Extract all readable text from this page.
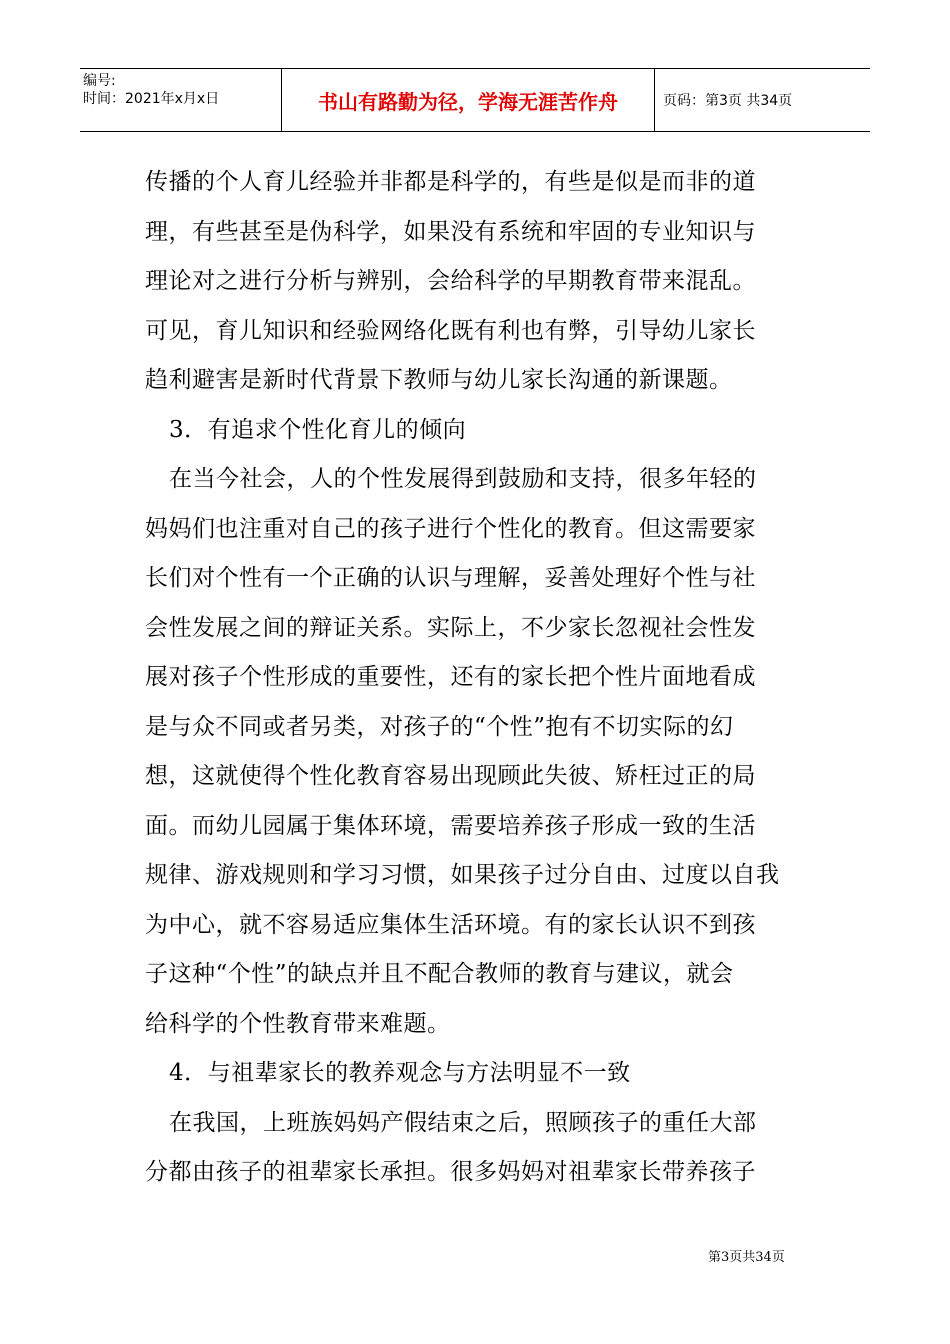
编号:
时间：2021年x月x日	书山有路勤为径，学海无涯苦作舟	页码：第3页 共34页
传播的个人育儿经验并非都是科学的，有些是似是而非的道
理，有些甚至是伪科学，如果没有系统和牢固的专业知识与
理论对之进行分析与辨别，会给科学的早期教育带来混乱。
可见，育儿知识和经验网络化既有利也有弊，引导幼儿家长
趋利避害是新时代背景下教师与幼儿家长沟通的新课题。
3．有追求个性化育儿的倾向
在当今社会，人的个性发展得到鼓励和支持，很多年轻的
妈妈们也注重对自己的孩子进行个性化的教育。但这需要家
长们对个性有一个正确的认识与理解，妥善处理好个性与社
会性发展之间的辩证关系。实际上，不少家长忽视社会性发
展对孩子个性形成的重要性，还有的家长把个性片面地看成
是与众不同或者另类，对孩子的“个性”抱有不切实际的幻
想，这就使得个性化教育容易出现顾此失彼、矫枉过正的局
面。而幼儿园属于集体环境，需要培养孩子形成一致的生活
规律、游戏规则和学习习惯，如果孩子过分自由、过度以自我
为中心，就不容易适应集体生活环境。有的家长认识不到孩
子这种“个性”的缺点并且不配合教师的教育与建议，就会
给科学的个性教育带来难题。
4．与祖辈家长的教养观念与方法明显不一致
在我国，上班族妈妈产假结束之后，照顾孩子的重任大部
分都由孩子的祖辈家长承担。很多妈妈对祖辈家长带养孩子
第3页共34页
